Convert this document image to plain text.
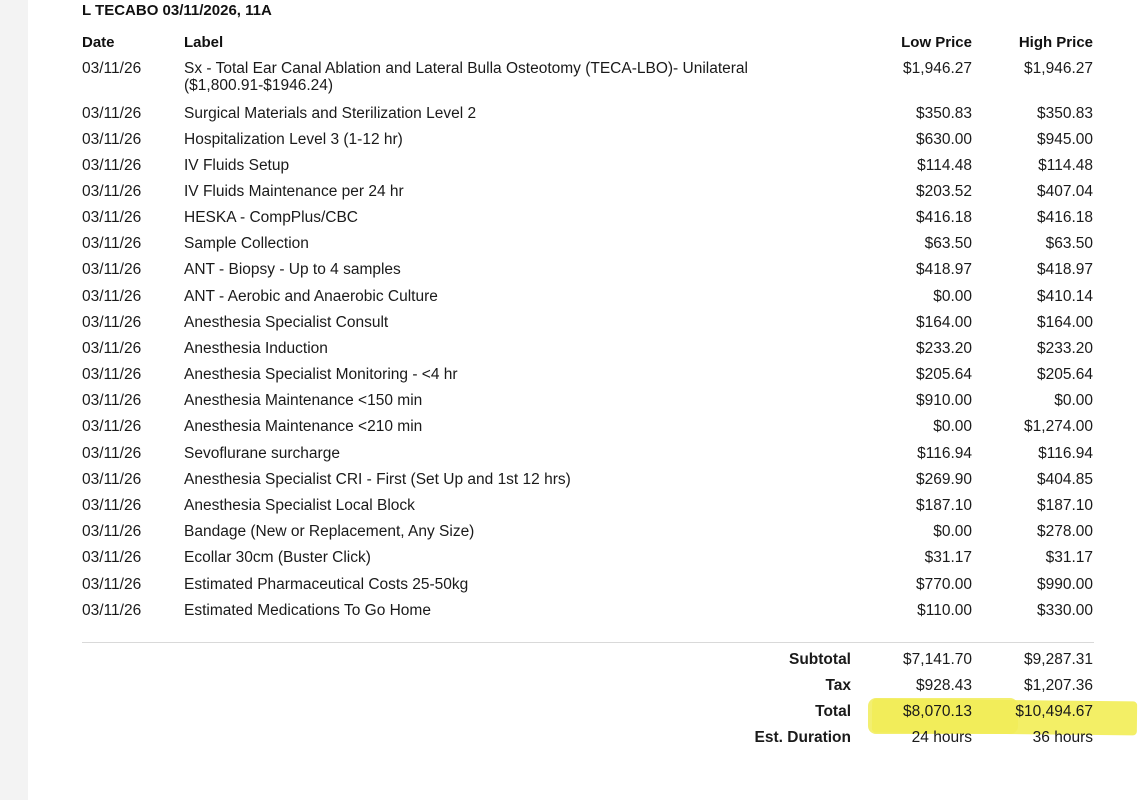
L TECABO 03/11/2026, 11A
Date	Label	Low Price	High Price
03/11/26	Sx - Total Ear Canal Ablation and Lateral Bulla Osteotomy (TECA-LBO)- Unilateral
($1,800.91-$1946.24)
$1,946.27	$1,946.27
03/11/26	Surgical Materials and Sterilization Level 2	$350.83	$350.83
03/11/26	Hospitalization Level 3 (1-12 hr)	$630.00	$945.00
03/11/26	IV Fluids Setup	$114.48	$114.48
03/11/26	IV Fluids Maintenance per 24 hr	$203.52	$407.04
03/11/26	HESKA - CompPlus/CBC	$416.18	$416.18
03/11/26	Sample Collection	$63.50	$63.50
03/11/26	ANT - Biopsy - Up to 4 samples	$418.97	$418.97
03/11/26	ANT - Aerobic and Anaerobic Culture	$0.00	$410.14
03/11/26	Anesthesia Specialist Consult	$164.00	$164.00
03/11/26	Anesthesia Induction	$233.20	$233.20
03/11/26	Anesthesia Specialist Monitoring - <4 hr	$205.64	$205.64
03/11/26	Anesthesia Maintenance <150 min	$910.00	$0.00
03/11/26	Anesthesia Maintenance <210 min	$0.00	$1,274.00
03/11/26	Sevoflurane surcharge	$116.94	$116.94
03/11/26	Anesthesia Specialist CRI - First (Set Up and 1st 12 hrs)	$269.90	$404.85
03/11/26	Anesthesia Specialist Local Block	$187.10	$187.10
03/11/26	Bandage (New or Replacement, Any Size)	$0.00	$278.00
03/11/26	Ecollar 30cm (Buster Click)	$31.17	$31.17
03/11/26	Estimated Pharmaceutical Costs 25-50kg	$770.00	$990.00
03/11/26	Estimated Medications To Go Home	$110.00	$330.00
Subtotal	$7,141.70	$9,287.31
Tax	$928.43	$1,207.36
Total	$8,070.13	$10,494.67
Est. Duration	24 hours	36 hours
